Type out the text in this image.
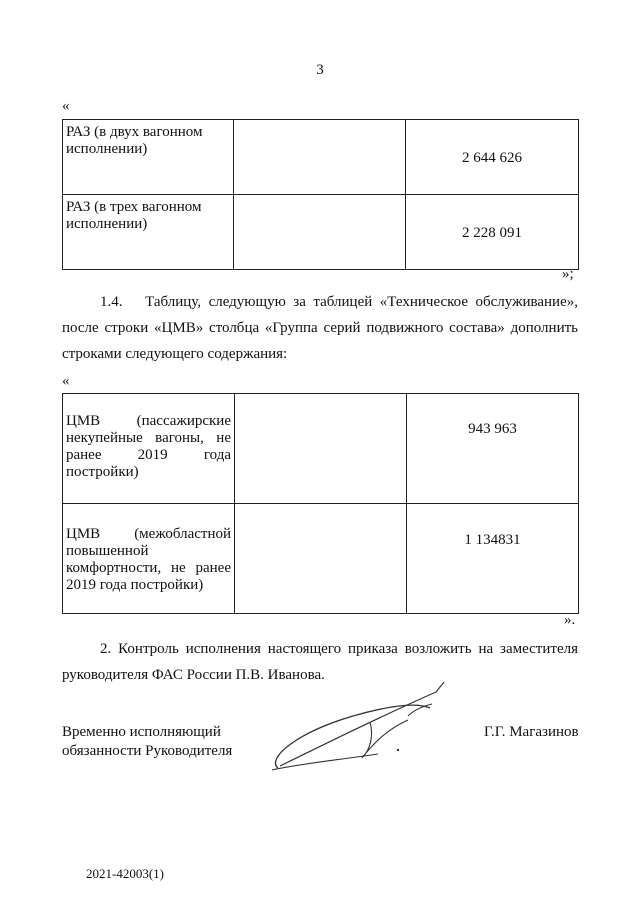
3
«
РАЗ (в двух вагонном исполнении)		2 644 626

РАЗ (в трех вагонном исполнении)		2 228 091
»;
1.4. Таблицу, следующую за таблицей «Техническое обслуживание», после строки «ЦМВ» столбца «Группа серий подвижного состава» дополнить строками следующего содержания:
«
ЦМВ (пассажирские
некупейные вагоны, не
ранее 2019 года
постройки)		943 963

ЦМВ (межобластной
повышенной
комфортности, не ранее
2019 года постройки)		1 134831
».
2. Контроль исполнения настоящего приказа возложить на заместителя руководителя ФАС России П.В. Иванова.
Временно исполняющий
обязанности Руководителя
Г.Г. Магазинов
2021-42003(1)
